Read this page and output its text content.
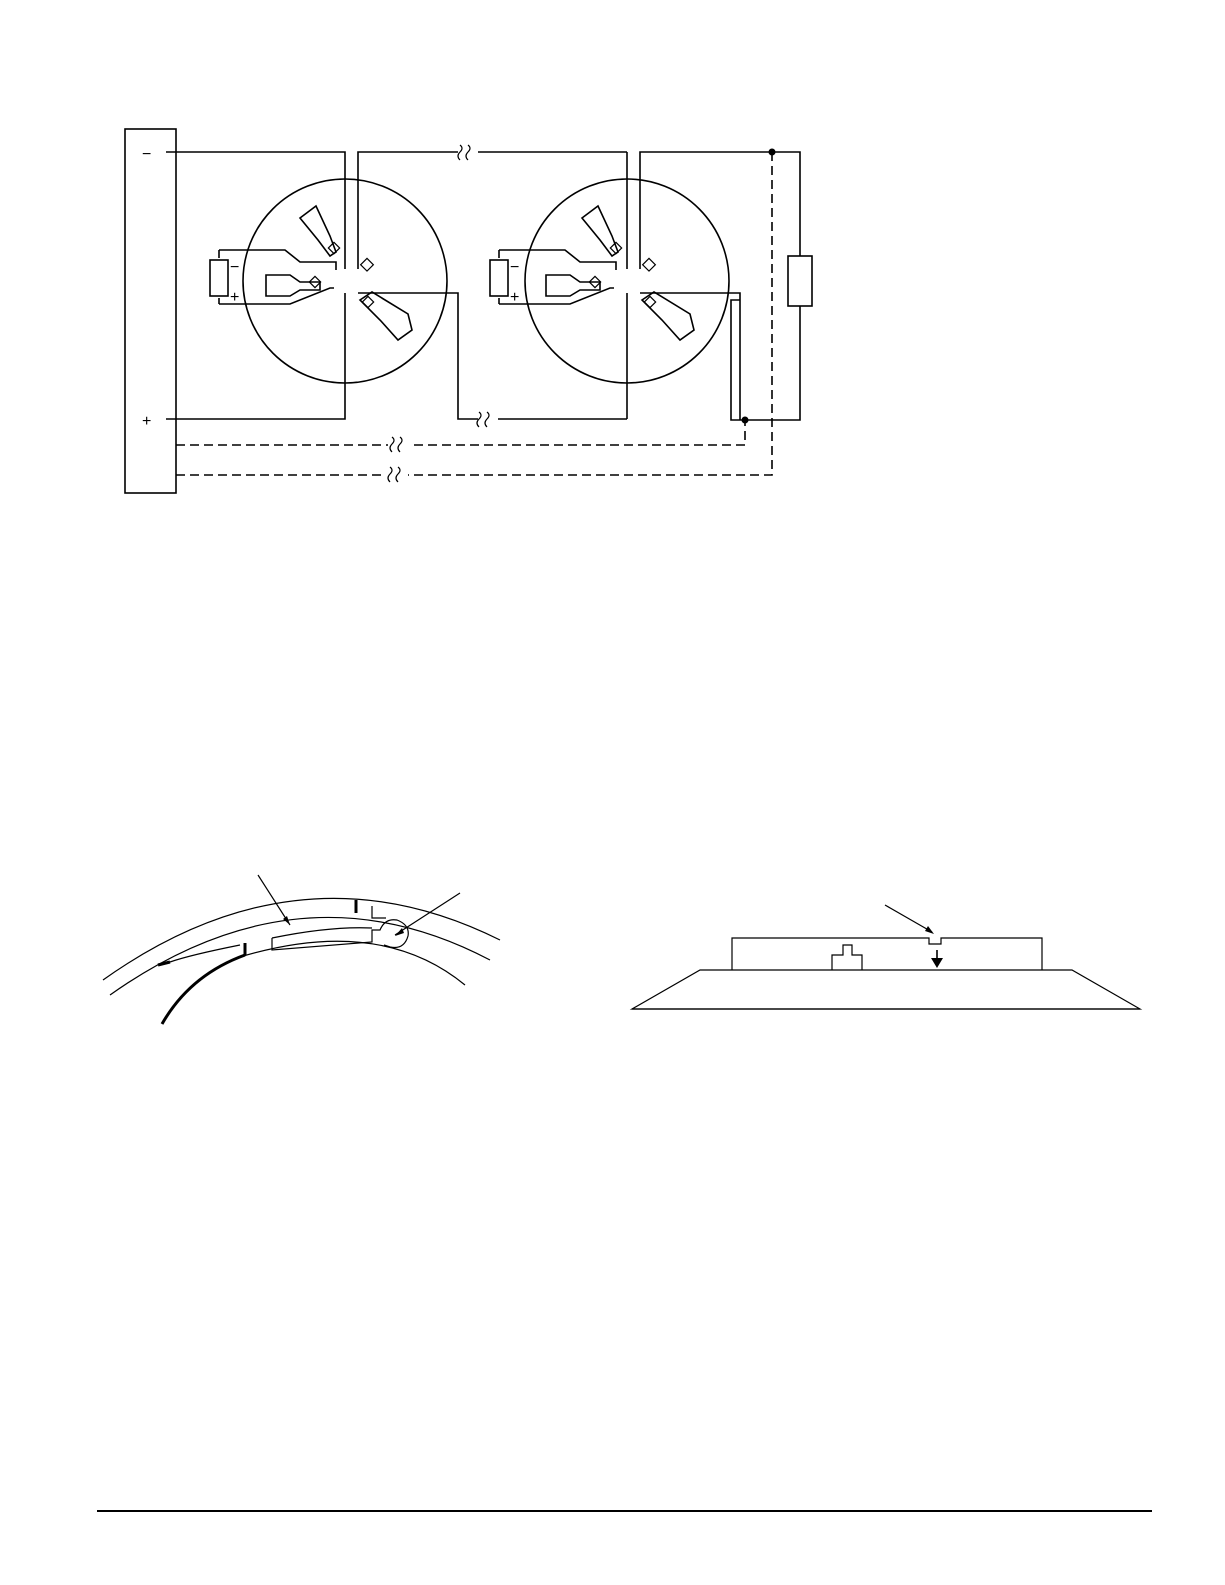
−
+
−
+
−
+
